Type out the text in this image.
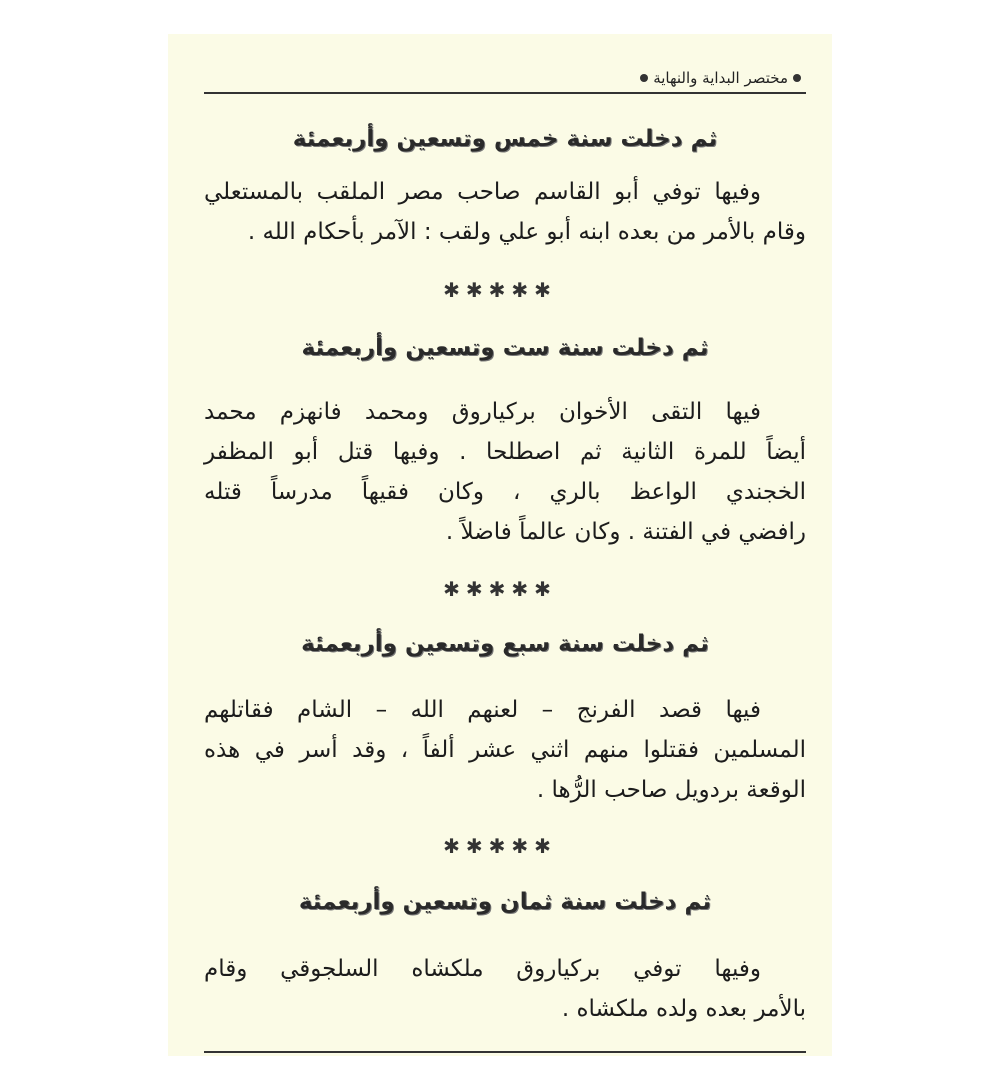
مختصر البداية والنهاية
ثم دخلت سنة خمس وتسعين وأربعمئة
وفيها توفي أبو القاسم صاحب مصر الملقب بالمستعلي
وقام بالأمر من بعده ابنه أبو علي ولقب : الآمر بأحكام الله .
✱✱✱✱✱
ثم دخلت سنة ست وتسعين وأربعمئة
فيها التقى الأخوان بركياروق ومحمد فانهزم محمد
أيضاً للمرة الثانية ثم اصطلحا . وفيها قتل أبو المظفر
الخجندي الواعظ بالري ، وكان فقيهاً مدرساً قتله
رافضي في الفتنة . وكان عالماً فاضلاً .
✱✱✱✱✱
ثم دخلت سنة سبع وتسعين وأربعمئة
فيها قصد الفرنج – لعنهم الله – الشام فقاتلهم
المسلمين فقتلوا منهم اثني عشر ألفاً ، وقد أسر في هذه
الوقعة بردويل صاحب الرُّها .
✱✱✱✱✱
ثم دخلت سنة ثمان وتسعين وأربعمئة
وفيها توفي بركياروق ملكشاه السلجوقي وقام
بالأمر بعده ولده ملكشاه .
